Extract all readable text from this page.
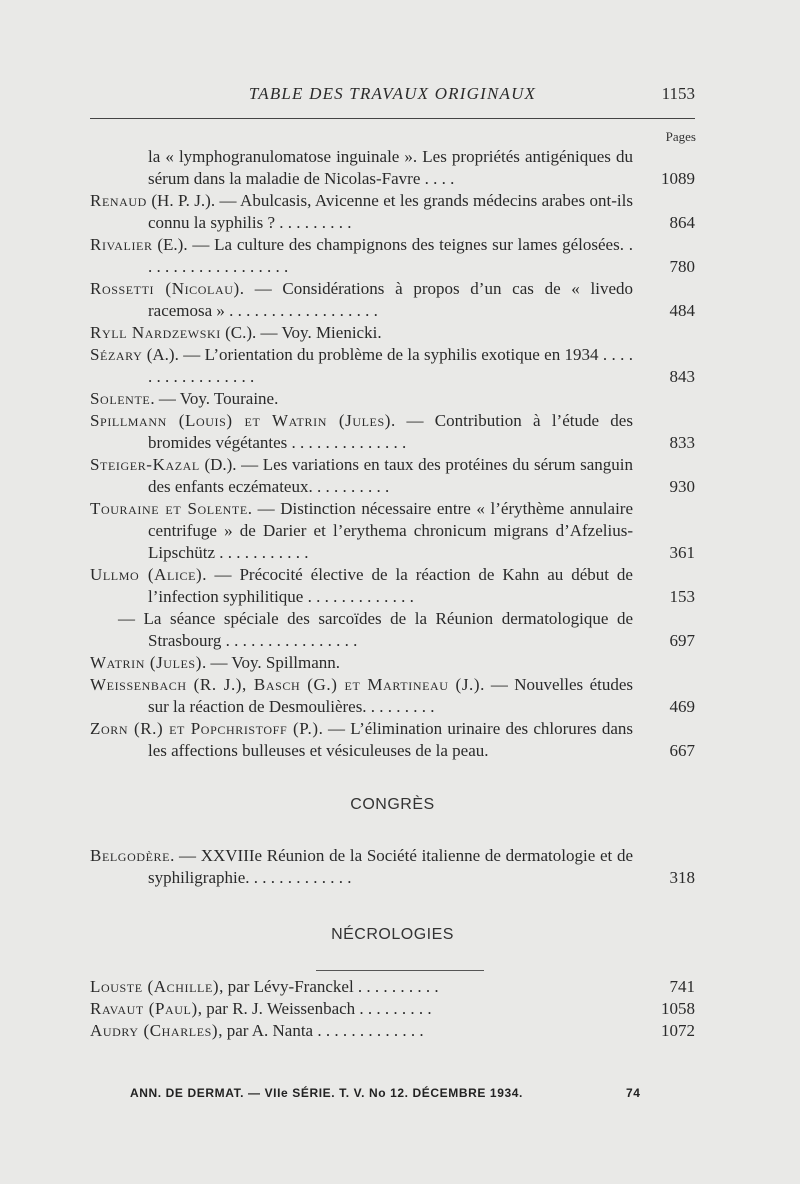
TABLE DES TRAVAUX ORIGINAUX	1153
Pages
la « lymphogranulomatose inguinale ». Les propriétés antigéniques du sérum dans la maladie de Nicolas-Favre . . . .	1089
Renaud (H. P. J.). — Abulcasis, Avicenne et les grands médecins arabes ont-ils connu la syphilis ? . . . . . . . . .	864
Rivalier (E.). — La culture des champignons des teignes sur lames gélosées. . . . . . . . . . . . . . . . . . .	780
Rossetti (Nicolau). — Considérations à propos d’un cas de « livedo racemosa » . . . . . . . . . . . . . . . . . .	484
Ryll Nardzewski (C.). — Voy. Mienicki.
Sézary (A.). — L’orientation du problème de la syphilis exotique en 1934 . . . . . . . . . . . . . . . . .	843
Solente. — Voy. Touraine.
Spillmann (Louis) et Watrin (Jules). — Contribution à l’étude des bromides végétantes . . . . . . . . . . . . . .	833
Steiger-Kazal (D.). — Les variations en taux des protéines du sérum sanguin des enfants eczémateux. . . . . . . . . .	930
Touraine et Solente. — Distinction nécessaire entre « l’érythème annulaire centrifuge » de Darier et l’erythema chronicum migrans d’Afzelius-Lipschütz . . . . . . . . . . .	361
Ullmo (Alice). — Précocité élective de la réaction de Kahn au début de l’infection syphilitique . . . . . . . . . . . . .	153
— La séance spéciale des sarcoïdes de la Réunion dermatologique de Strasbourg . . . . . . . . . . . . . . . .	697
Watrin (Jules). — Voy. Spillmann.
Weissenbach (R. J.), Basch (G.) et Martineau (J.). — Nouvelles études sur la réaction de Desmoulières. . . . . . . . .	469
Zorn (R.) et Popchristoff (P.). — L’élimination urinaire des chlorures dans les affections bulleuses et vésiculeuses de la peau.	667
CONGRÈS
Belgodère. — XXVIIIe Réunion de la Société italienne de dermatologie et de syphiligraphie. . . . . . . . . . . . .	318
NÉCROLOGIES
Louste (Achille), par Lévy-Franckel . . . . . . . . . .	741
Ravaut (Paul), par R. J. Weissenbach . . . . . . . . .	1058
Audry (Charles), par A. Nanta . . . . . . . . . . . . .	1072
ANN. DE DERMAT. — VIIe SÉRIE. T. V. No 12. DÉCEMBRE 1934.	74
